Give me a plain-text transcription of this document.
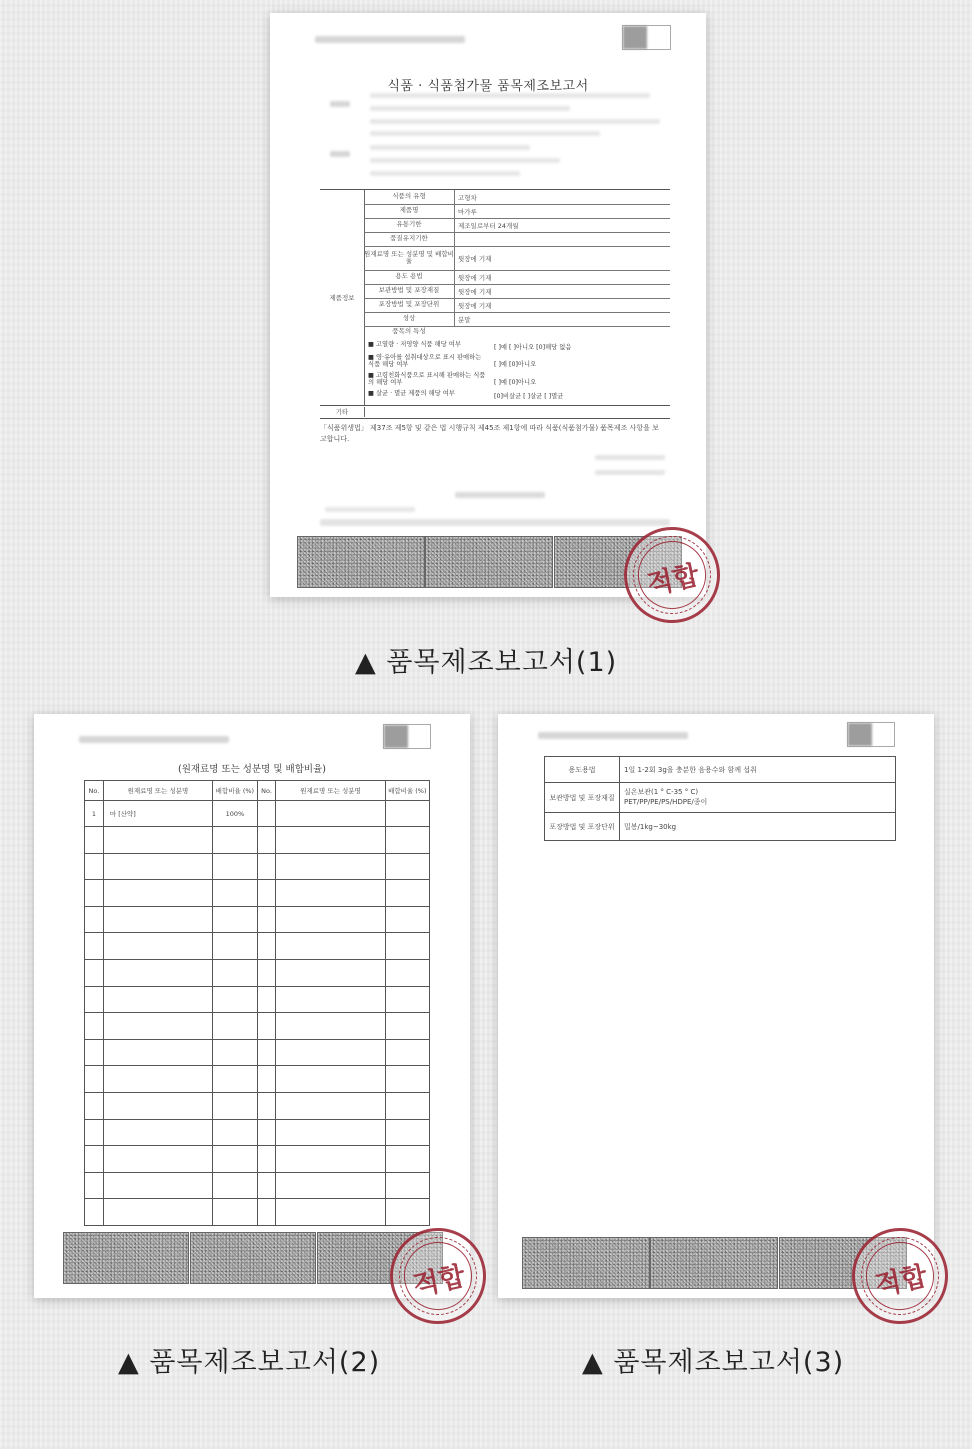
식품 · 식품첨가물 품목제조보고서
제품정보
식품의 유형	고형차
제품명	마가루
유통기한	제조일로부터 24개월
품질유지기한
원재료명 또는 성분명 및 배합비율	뒷장에 기재
용도 용법	뒷장에 기재
보관방법 및 포장재질	뒷장에 기재
포장방법 및 포장단위	뒷장에 기재
성상	분말
품목의 특성
■ 고열량 · 저영양 식품 해당 여부	[ ]예 [ ]아니오 [0]해당 없음
■ 영·유아를 섭취대상으로 표시 판매하는 식품 해당 여부	[ ]예 [0]아니오
■ 고령친화식품으로 표시해 판매하는 식품의 해당 여부	[ ]예 [0]아니오
■ 살균 · 멸균 제품의 해당 여부	[0]비살균 [ ]살균 [ ]멸균
기타
「식품위생법」 제37조 제5항 및 같은 법 시행규칙 제45조 제1항에 따라 식품(식품첨가물) 품목제조 사항을 보고합니다.
적합
▲ 품목제조보고서(1)
(원재료명 또는 성분명 및 배합비율)
No.	원재료명 또는 성분명	배합비율 (%)	No.	원재료명 또는 성분명	배합비율 (%)
1	마 [산약]	100%			

적합
▲ 품목제조보고서(2)
용도용법	1일 1-2회 3g을 충분한 음용수와 함께 섭취
보관방법 및 포장재질	실온보관(1 ° C-35 ° C)
PET/PP/PE/PS/HDPE/종이
포장방법 및 포장단위	밀봉/1kg~30kg
적합
▲ 품목제조보고서(3)
